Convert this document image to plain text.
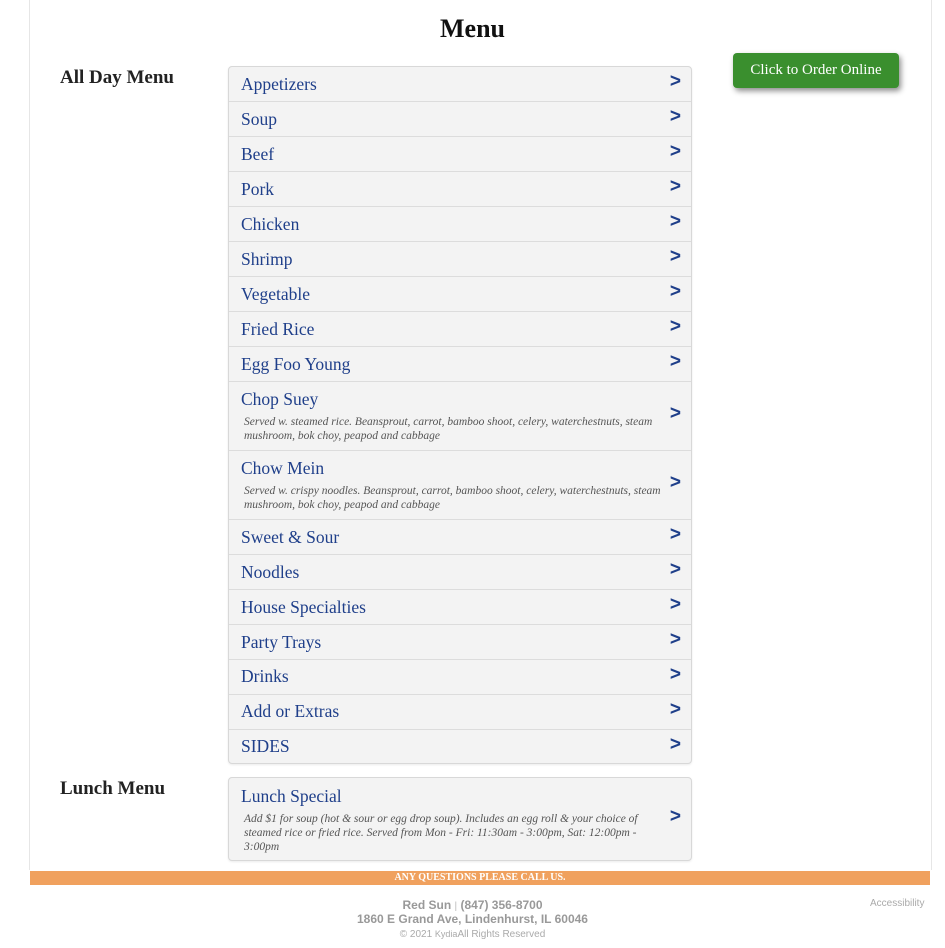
Menu
All Day Menu	Click to Order Online
Appetizers	>
Soup	>
Beef	>
Pork	>
Chicken	>
Shrimp	>
Vegetable	>
Fried Rice	>
Egg Foo Young	>
Chop Suey
Served w. steamed rice. Beansprout, carrot, bamboo shoot, celery, waterchestnuts, steam mushroom, bok choy, peapod and cabbage
>
Chow Mein
Served w. crispy noodles. Beansprout, carrot, bamboo shoot, celery, waterchestnuts, steam mushroom, bok choy, peapod and cabbage
>
Sweet & Sour	>
Noodles	>
House Specialties	>
Party Trays	>
Drinks	>
Add or Extras	>
SIDES	>
Lunch Menu	Lunch Special
Add $1 for soup (hot & sour or egg drop soup). Includes an egg roll & your choice of steamed rice or fried rice. Served from Mon - Fri: 11:30am - 3:00pm, Sat: 12:00pm - 3:00pm
>
ANY QUESTIONS PLEASE CALL US.
Red Sun | (847) 356-8700
1860 E Grand Ave, Lindenhurst, IL 60046
© 2021 KydiaAll Rights Reserved
Accessibility
